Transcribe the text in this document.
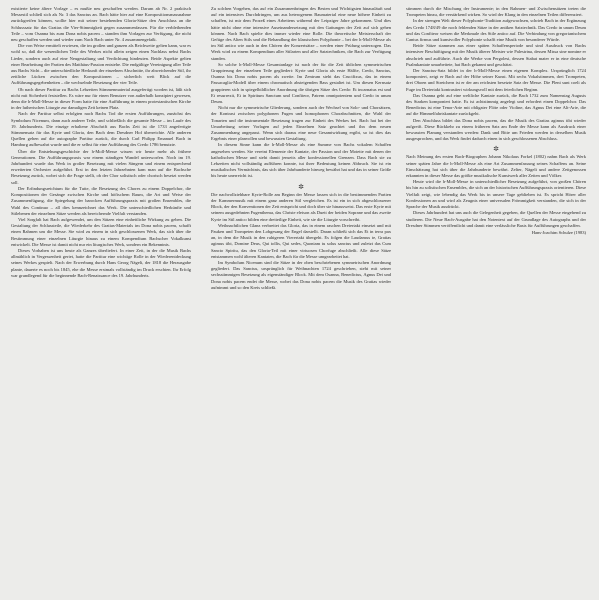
existierte keine ältere Vorlage – es mußte neu geschaffen werden. Darum ab Nr. 2 praktisch Messestil schließ sich als Nr. 3 das Sanctus an. Bach hätte hier auf eine Kompositionsmassnahme zurückgreifen können, wollte hier mit seiner bestehenden Gloria-Sätze den Anschluss an die Schlusssatz für das Gratias die Vier-Stimmigkeit gegen zusammenfassen. Für die verbleibenden Teile – vom Osanna bis zum Dona nobis pacem – standen ihm Vorlagen zur Verfügung, die nicht neu geschaffen werden und wieder zum Nach Bach unter Nr. 4 zusammengefaßt.

Die von Weise ermittelt erwiesen, die im großen und ganzen als Reichweite gelten kann, war es wohl so, daß die wesentlichen Teile des Werkes nicht allein zeigen einen Nachlass nebst Bachs Lieder, sondern auch auf eine Neugestaltung und Verdichtung hindeuten. Beide Aspekte gelten einer Bearbeitung der Partien des Matthäus-Passion entstehe. Die endgültige Vereinigung aller Teile aus Bachs Sicht – die unterschiedliche Herkunft der einzelnen Abschnitte, ihr abweichender Stil, ihr zeitliche Lücken zwischen den Kompositionen – sicherlich weit Blick auf die Aufführungsgegebenheiten – die wechselnde Besetzung der vier Teile.

Ob nach dieser Partitur zu Bachs Lebzeiten Stimmenmaterial ausgefertigt worden ist, läßt sich nicht mit Sicherheit feststellen. Es wäre nur für einen Benutzer von außerhalb konzipiert gewesen, denn die h-Moll-Messe in dieser Form hatte für eine Aufführung in einem protestantischen Kirche in der lutherischen Liturgie zur damaligen Zeit keinen Platz.

Nach der Partitur selbst erfolgten nach Bachs Tod die ersten Aufführungen, zunächst des Symbolum Nicenum, dann auch anderer Teile, und schließlich die gesamte Messe – im Laufe des 19. Jahrhunderts. Die einzige erhaltene Abschrift aus Bachs Zeit ist die 1733 angefertigte Stimmensatz für das Kyrie und Gloria, den Bach dem Dresdner Hof überreichte. Alle anderen Quellen gehen auf die autographe Partitur zurück, die durch Carl Philipp Emanuel Bach in Hamburg aufbewahrt wurde und die er selbst für eine Aufführung des Credo 1786 benutzte.

Über die Entstehungsgeschichte der h-Moll-Messe wissen wir heute mehr als frühere Generationen. Die Aufführungspraxis war einem ständigen Wandel unterworfen. Noch im 19. Jahrhundert wurde das Werk in großer Besetzung mit vielen Sängern und einem entsprechend erweiterten Orchester aufgeführt. Erst in den letzten Jahrzehnten kam man auf die Bachsche Besetzung zurück, wobei sich die Frage stellt, ob der Chor solistisch oder chorisch besetzt werden soll.

Der Erfindungsreichtum für die Tutte, die Besetzung des Chores zu einem Doppelchor, die Kompositionen der Gesänge zwischen Kirche und höfischem Raum, die Art und Weise der Zusammenfügung, die Spiegelung der barocken Aufführungspraxis mit großen Ensembles, die Wahl des Continuo – all dies kennzeichnet das Werk. Die unterschiedlichen Herkünfte und Stilebenen der einzelnen Sätze werden als bereichernde Vielfalt verstanden.

Viel Sorgfalt hat Bach aufgewendet, um den Sätzen eine einheitliche Wirkung zu geben. Die Gestaltung der Schlussteile, die Wiederkehr des Gratias-Materials im Dona nobis pacem, schafft einen Rahmen um die Messe. Sie wird zu einem in sich geschlossenen Werk, das sich über die Bestimmung einer einzelnen Liturgie hinaus zu einem Kompendium Bachscher Vokalkunst entwickelt. Die Messe ist damit nicht nur ein liturgisches Werk, sondern ein Bekenntnis.

Dieses Vorhaben ist uns heute als Ganzes überliefert. In einer Zeit, in der die Musik Bachs allmählich in Vergessenheit geriet, hatte die Partitur eine wichtige Rolle in der Wiederentdeckung seines Werkes gespielt. Nach der Erwerbung durch Hans Georg Nägeli, der 1818 die Herausgabe plante, dauerte es noch bis 1845, ehe die Messe erstmals vollständig im Druck erschien. Ihr Erfolg war grundlegend für die beginnende Bach-Renaissance des 19. Jahrhunderts.

Zu solchen Vorgehen, das auf ein Zusammenbringen des Besten und Wichtigsten hinausläuft und auf ein intensives Durchdringen, um aus heterogenem Baumaterial eine neue höhere Einheit zu schaffen, ist mir dem Prozeß eines Arbeitens während der Leipziger Jahre gekommen. Und dies hätte nicht ohne eine intensive Auseinandersetzung mit den Gattungen der Zeit auf sich gehen können. Nach Bach spielte dies immer wieder eine Rolle. Die theoretische Meisterschaft der Gefüge des Alten Stils und die Behandlung der klassischen Polyphonie – bei der h-Moll-Messe als im Stil antico wie auch in den Chören der Konzertsätze – werden einer Prüfung unterzogen. Das Werk wird zu einem Kompendium aller Stilarten und aller Satztechniken, die Bach zur Verfügung standen.

So solche h-Moll-Messe Gesamtanlage ist nach der für die Zeit üblichen symmetrischen Gruppierung der einzelnen Teile gegliedert: Kyrie und Gloria als erste Hälfte, Credo, Sanctus, Osanna bis Dona nobis pacem als zweite. Im Zentrum steht das Crucifixus, das in einem Passacaglia-Modell über einem chromatisch absteigenden Bass gestaltet ist. Um diesen Kernsatz gruppieren sich in spiegelbildlicher Anordnung die übrigen Sätze des Credo: Et incarnatus est und Et resurrexit, Et in Spiritum Sanctum und Confiteor, Patrem omnipotentem und Credo in unum Deum.

Nicht nur die symmetrische Gliederung, sondern auch der Wechsel von Solo- und Chorsätzen, der Kontrast zwischen polyphonen Fugen und homophonen Chorabschnitten, die Wahl der Tonarten und die instrumentale Besetzung tragen zur Einheit des Werkes bei. Bach hat bei der Umarbeitung seiner Vorlagen auf jeden Einzelnen Satz geachtet und ihn dem neuen Zusammenhang angepasst. Wenn sich daraus eine neue Gesamtwirkung ergibt, so ist dies das Ergebnis einer planvollen und bewussten Gestaltung.

In diesem Sinne kann die h-Moll-Messe als eine Summe von Bachs vokalem Schaffen angesehen werden. Sie vereint Elemente der Kantate, der Passion und der Motette mit denen der katholischen Messe und steht damit jenseits aller konfessionellen Grenzen. Dass Bach sie zu Lebzeiten nicht vollständig aufführen konnte, tut ihrer Bedeutung keinen Abbruch. Sie ist ein musikalisches Vermächtnis, das sich über Jahrhunderte hinweg bewährt hat und das in seiner Größe bis heute unerreicht ist.

✲

Die nachvollziehbare Kyrie-Rolle am Beginn der Messe lassen sich in die bestimmenden Partien der Kammermusik mit einem ganz anderen Stil vergleichen. Es ist ein in sich abgeschlossener Block, der den Konventionen der Zeit entspricht und doch über sie hinausweist. Das erste Kyrie mit seinem ausgedehnten Fugenthema, das Christe eleison als Duett der beiden Soprane und das zweite Kyrie im Stil antico bilden eine dreiteilige Einheit, wie sie die Liturgie vorschreibt.

Weihnachtlichen Glanz verbreitet das Gloria, das in einem raschen Dreiertakt einsetzt und mit Pauken und Trompeten den Lobgesang der Engel darstellt. Daran schließt sich das Et in terra pax an, in dem die Musik in den ruhigeren Vierertakt übergeht. Es folgen die Laudamus te, Gratias agimus tibi, Domine Deus, Qui tollis, Qui sedes, Quoniam tu solus sanctus und zuletzt das Cum Sancto Spiritu, das den Gloria-Teil mit einer virtuosen Chorfuge abschließt. Alle diese Sätze entstammen wohl älteren Kantaten, die Bach für die Messe umgearbeitet hat.

Im Symbolum Nicenum sind die Sätze in der oben beschriebenen symmetrischen Anordnung gegliedert. Das Sanctus, ursprünglich für Weihnachten 1724 geschrieben, steht mit seiner sechsstimmigen Besetzung als eigenständiger Block. Mit dem Osanna, Benedictus, Agnus Dei und Dona nobis pacem endet die Messe, wobei das Dona nobis pacem die Musik des Gratias wieder aufnimmt und so den Kreis schließt.

stimmen durch die Mischung der Instrumente; in den Rahmen- und Zwischensätzen treten die Trompeten hinzu, die verstärkend wirken. So wird der Klang in den einzelnen Teilen differenziert.

In der strengen Welt dieser Polyphonie-Tradition aufgewachsen, schrieb Bach in der Ergänzung des Credo 1748/49 die noch fehlenden Sätze in der antiken Satztechnik. Das Credo in unum Deum und das Confiteor weisen die Merkmale des Stile antico auf. Die Verbindung von gregorianischem Cantus firmus und kunstvoller Polyphonie schafft eine Musik von besonderer Würde.

Beide Sätze stammen aus einer späten Schaffensperiode und sind Ausdruck von Bachs intensiver Beschäftigung mit der Musik älterer Meister wie Palestrina, dessen Missa sine nomine er abschrieb und aufführte. Auch die Werke von Pergolesi, dessen Stabat mater er in eine deutsche Psalmkantate umarbeitete, hat Bach gekannt und geschätzt.

Der Sanctus-Satz bildet in der h-Moll-Messe einen eigenen Komplex. Ursprünglich 1724 komponiert, zeigt er Bach auf der Höhe seiner Kunst. Mit sechs Vokalstimmen, drei Trompeten, drei Oboen und Streichern ist er der am reichsten besetzte Satz der Messe. Die Pleni sunt coeli als Fuge im Dreiertakt kontrastiert wirkungsvoll mit dem feierlichen Beginn.

Das Osanna geht auf eine weltliche Kantate zurück, die Bach 1732 zum Namenstag Augusts des Starken komponiert hatte. Es ist achtstimmig angelegt und erfordert einen Doppelchor. Das Benedictus ist eine Tenor-Arie mit obligater Flöte oder Violine, das Agnus Dei eine Alt-Arie, die auf die Himmelfahrtskantate zurückgeht.

Den Abschluss bildet das Dona nobis pacem, das die Musik des Gratias agimus tibi wieder aufgreift. Diese Rückkehr zu einem früheren Satz am Ende der Messe kann als Ausdruck einer bewussten Planung verstanden werden: Dank und Bitte um Frieden werden in derselben Musik ausgesprochen, und das Werk findet dadurch einen in sich geschlossenen Abschluss.

✲

Nach Meinung des ersten Bach-Biographen Johann Nikolaus Forkel (1802) nahm Bach als Werk seiner späten Jahre die h-Moll-Messe als eine Art Zusammenfassung seines Schaffens an. Seine Einschätzung hat sich über die Jahrhunderte bewährt. Zelter, Nägeli und andere Zeitgenossen erkannten in dieser Messe das größte musikalische Kunstwerk aller Zeiten und Völker.

Heute wird die h-Moll-Messe in unterschiedlicher Besetzung aufgeführt, von großen Chören bis hin zu solistischen Ensembles, die sich an der historischen Aufführungspraxis orientieren. Diese Vielfalt zeigt, wie lebendig das Werk bis in unsere Tage geblieben ist. Es spricht Hörer aller Konfessionen an und wird als Zeugnis einer universalen Frömmigkeit verstanden, die sich in der Sprache der Musik ausdrückt.

Dieses Jahrhundert hat uns auch die Gelegenheit gegeben, die Quellen der Messe eingehend zu studieren. Die Neue Bach-Ausgabe hat den Notentext auf der Grundlage des Autographs und der Dresdner Stimmen veröffentlicht und damit eine verlässliche Basis für Aufführungen geschaffen.

Hans-Joachim Schulze (1983)
